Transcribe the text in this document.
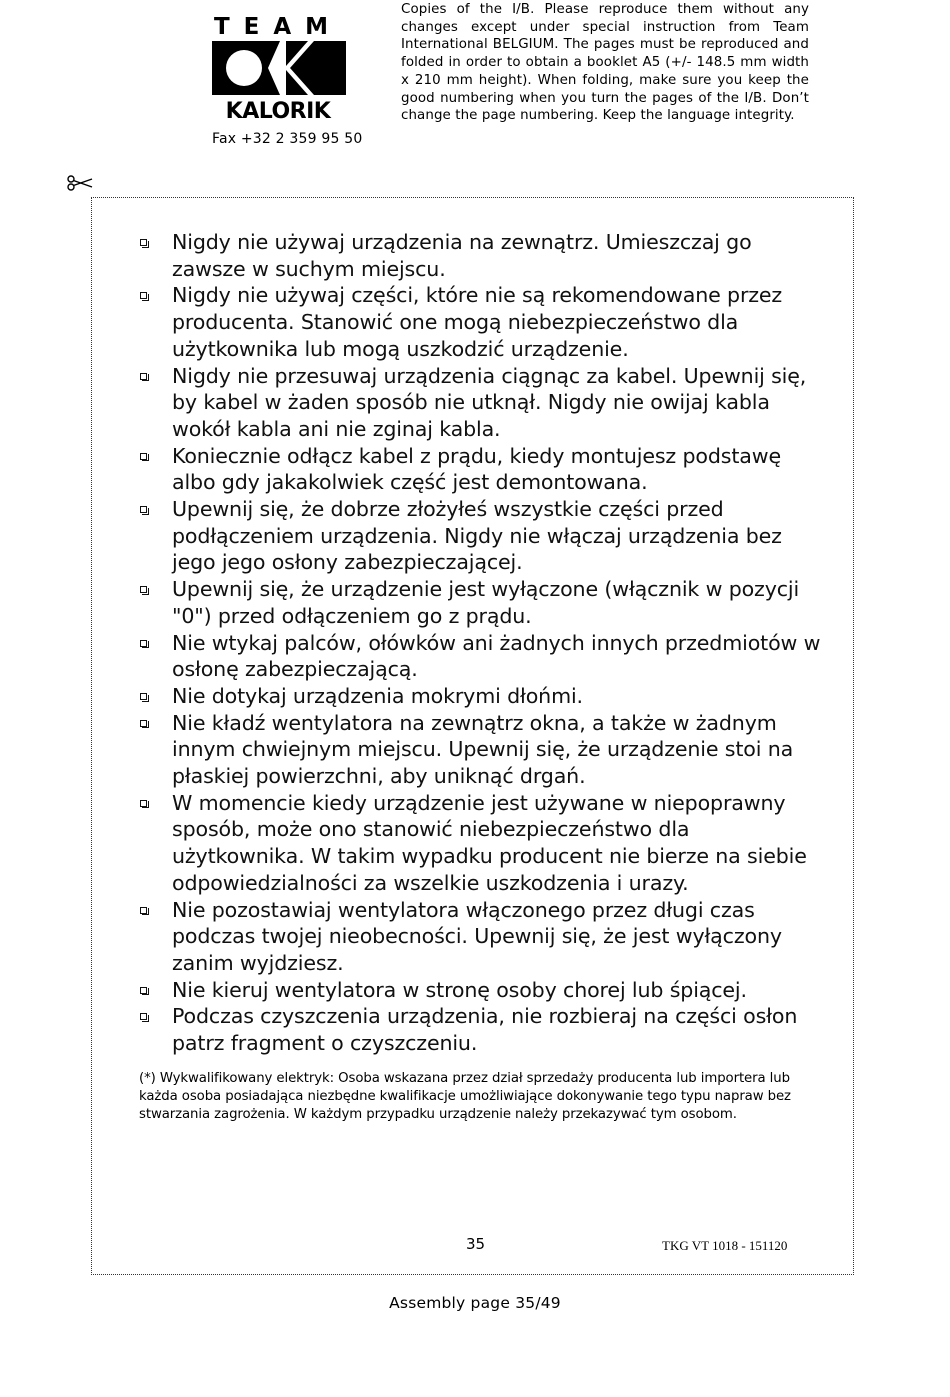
TEAM
KALORIK
Fax +32 2 359 95 50
Copies of the I/B. Please reproduce them without any changes except under special instruction from Team International BELGIUM. The pages must be reproduced and folded in order to obtain a booklet A5 (+/- 148.5 mm width x 210 mm height). When folding, make sure you keep the good numbering when you turn the pages of the I/B. Don’t change the page numbering. Keep the language integrity.
Nigdy nie używaj urządzenia na zewnątrz. Umieszczaj go zawsze w suchym miejscu.
Nigdy nie używaj części, które nie są rekomendowane przez producenta. Stanowić one mogą niebezpieczeństwo dla użytkownika lub mogą uszkodzić urządzenie.
Nigdy nie przesuwaj urządzenia ciągnąc za kabel. Upewnij się, by kabel w żaden sposób nie utknął. Nigdy nie owijaj kabla wokół kabla ani nie zginaj kabla.
Koniecznie odłącz kabel z prądu, kiedy montujesz podstawę albo gdy jakakolwiek część jest demontowana.
Upewnij się, że dobrze złożyłeś wszystkie części przed podłączeniem urządzenia. Nigdy nie włączaj urządzenia bez jego jego osłony zabezpieczającej.
Upewnij się, że urządzenie jest wyłączone (włącznik w pozycji "0") przed odłączeniem go z prądu.
Nie wtykaj palców, ołówków ani żadnych innych przedmiotów w osłonę zabezpieczającą.
Nie dotykaj urządzenia mokrymi dłońmi.
Nie kładź wentylatora na zewnątrz okna, a także w żadnym innym chwiejnym miejscu. Upewnij się, że urządzenie stoi na płaskiej powierzchni, aby uniknąć drgań.
W momencie kiedy urządzenie jest używane w niepoprawny sposób, może ono stanowić niebezpieczeństwo dla użytkownika. W takim wypadku producent nie bierze na siebie odpowiedzialności za wszelkie uszkodzenia i urazy.
Nie pozostawiaj wentylatora włączonego przez długi czas podczas twojej nieobecności. Upewnij się, że jest wyłączony zanim wyjdziesz.
Nie kieruj wentylatora w stronę osoby chorej lub śpiącej.
Podczas czyszczenia urządzenia, nie rozbieraj na części osłon patrz fragment o czyszczeniu.
(*) Wykwalifikowany elektryk: Osoba wskazana przez dział sprzedaży producenta lub importera lub każda osoba posiadająca niezbędne kwalifikacje umożliwiające dokonywanie tego typu napraw bez stwarzania zagrożenia. W każdym przypadku urządzenie należy przekazywać tym osobom.
35	TKG VT 1018 - 151120
Assembly page 35/49
